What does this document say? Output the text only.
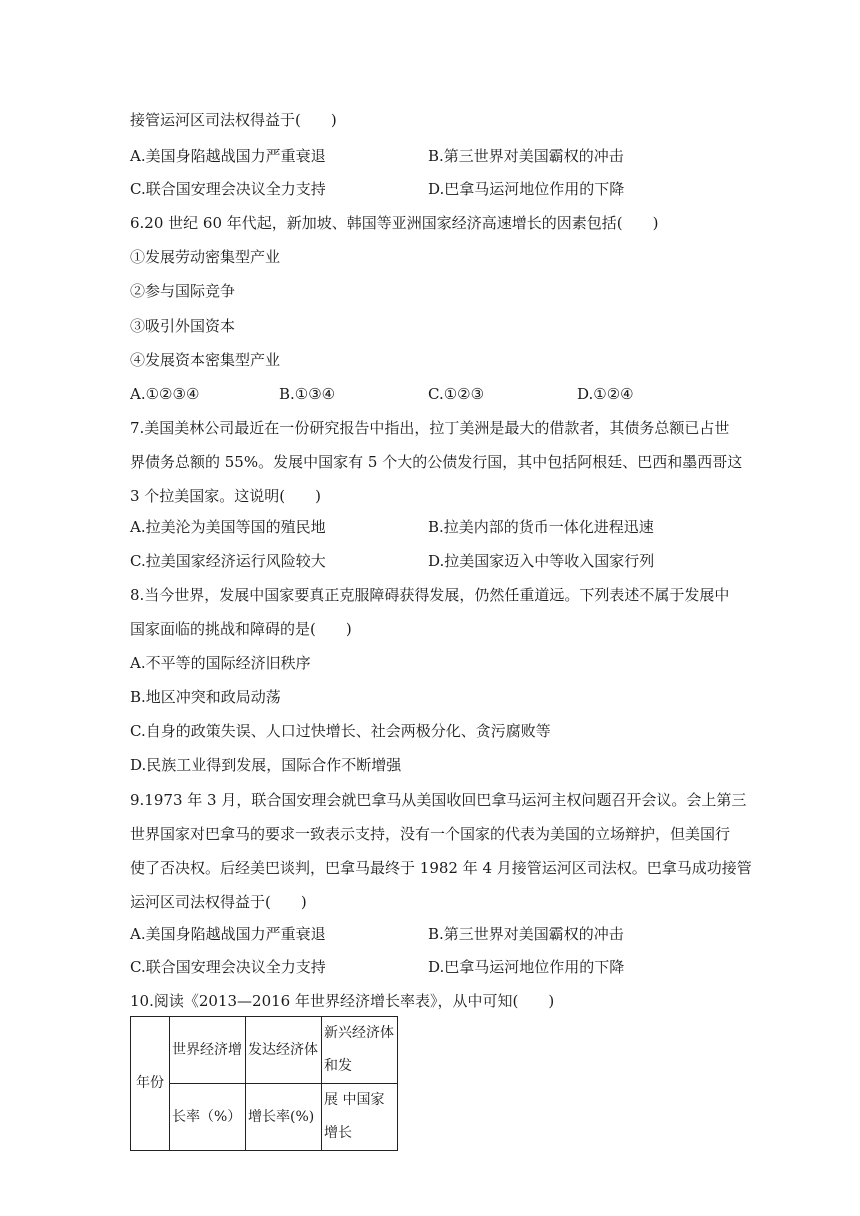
接管运河区司法权得益于(　　)
A.美国身陷越战国力严重衰退	B.第三世界对美国霸权的冲击
C.联合国安理会决议全力支持	D.巴拿马运河地位作用的下降
6.20 世纪 60 年代起，新加坡、韩国等亚洲国家经济高速增长的因素包括(　　)
①发展劳动密集型产业
②参与国际竞争
③吸引外国资本
④发展资本密集型产业
A.①②③④	B.①③④	C.①②③	D.①②④
7.美国美林公司最近在一份研究报告中指出，拉丁美洲是最大的借款者，其债务总额已占世
界债务总额的 55%。发展中国家有 5 个大的公债发行国，其中包括阿根廷、巴西和墨西哥这
3 个拉美国家。这说明(　　)
A.拉美沦为美国等国的殖民地	B.拉美内部的货币一体化进程迅速
C.拉美国家经济运行风险较大	D.拉美国家迈入中等收入国家行列
8.当今世界，发展中国家要真正克服障碍获得发展，仍然任重道远。下列表述不属于发展中
国家面临的挑战和障碍的是(　　)
A.不平等的国际经济旧秩序
B.地区冲突和政局动荡
C.自身的政策失误、人口过快增长、社会两极分化、贪污腐败等
D.民族工业得到发展，国际合作不断增强
9.1973 年 3 月，联合国安理会就巴拿马从美国收回巴拿马运河主权问题召开会议。会上第三
世界国家对巴拿马的要求一致表示支持，没有一个国家的代表为美国的立场辩护，但美国行
使了否决权。后经美巴谈判，巴拿马最终于 1982 年 4 月接管运河区司法权。巴拿马成功接管
运河区司法权得益于(　　)
A.美国身陷越战国力严重衰退	B.第三世界对美国霸权的冲击
C.联合国安理会决议全力支持	D.巴拿马运河地位作用的下降
10.阅读《2013—2016 年世界经济增长率表》，从中可知(　　)
年份	世界经济增	发达经济体	新兴经济体和发
	长率（%）	增长率(%)	展 中国家增长
